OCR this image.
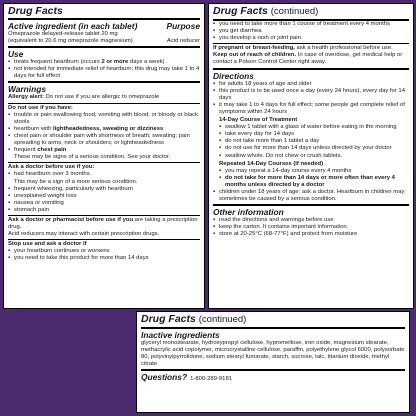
Drug Facts
Active ingredient (in each tablet)	Purpose
Omeprazole delayed-release tablet 20 mg
(equivalent to 20.6 mg omeprazole magnesium)	Acid reducer
Use
▪ treats frequent heartburn (occurs 2 or more days a week)
▪ not intended for immediate relief of heartburn; this drug may take 1 to 4 days for full effect
Warnings
Allergy alert: Do not use if you are allergic to omeprazole
Do not use if you have:
▪ trouble or pain swallowing food, vomiting with blood, or bloody or black stools
▪ heartburn with lightheadedness, sweating or dizziness
▪ chest pain or shoulder pain with shortness of breath; sweating; pain spreading to arms, neck or shoulders; or lightheadedness
▪ frequent chest pain
These may be signs of a serious condition. See your doctor.
Ask a doctor before use if you:
▪ had heartburn over 3 months.
This may be a sign of a more serious condition.
▪ frequent wheezing, particularly with heartburn
▪ unexplained weight loss
▪ nausea or vomiting
▪ stomach pain
Ask a doctor or pharmacist before use if you are taking a prescription drug.
Acid reducers may interact with certain prescription drugs.
Stop use and ask a doctor if
▪ your heartburn continues or worsens
▪ you need to take this product for more than 14 days
Drug Facts (continued)
▪ you need to take more than 1 course of treatment every 4 months
▪ you get diarrhea
▪ you develop a rash or joint pain
If pregnant or breast-feeding, ask a health professional before use.
Keep out of reach of children. In case of overdose, get medical help or contact a Poison Control Center right away.
Directions
▪ for adults 18 years of age and older
▪ this product is to be used once a day (every 24 hours), every day for 14 days
▪ it may take 1 to 4 days for full effect; some people get complete relief of symptoms within 24 hours
14-Day Course of Treatment
▪ swallow 1 tablet with a glass of water before eating in the morning
▪ take every day for 14 days
▪ do not take more than 1 tablet a day
▪ do not use for more than 14 days unless directed by your doctor
▪ swallow whole. Do not chew or crush tablets.
Repeated 14-Day Courses (if needed)
▪ you may repeat a 14-day course every 4 months
▪ do not take for more than 14 days or more often than every 4 months unless directed by a doctor
▪ children under 18 years of age: ask a doctor. Heartburn in children may sometimes be caused by a serious condition.
Other information
▪ read the directions and warnings before use
▪ keep the carton. It contains important information.
▪ store at 20-25°C (68-77°F) and protect from moisture
Drug Facts (continued)
Inactive ingredients
glyceryl monostearate, hydroxypropyl cellulose, hypromellose, iron oxide, magnesium stearate, methacrylic acid copolymer, microcrystalline cellulose, paraffin, polyethylene glycol 6000, polysorbate 80, polyvinylpyrrolidone, sodium stearyl fumarate, starch, sucrose, talc, titanium dioxide, triethyl citrate
Questions? 1-800-289-9181
